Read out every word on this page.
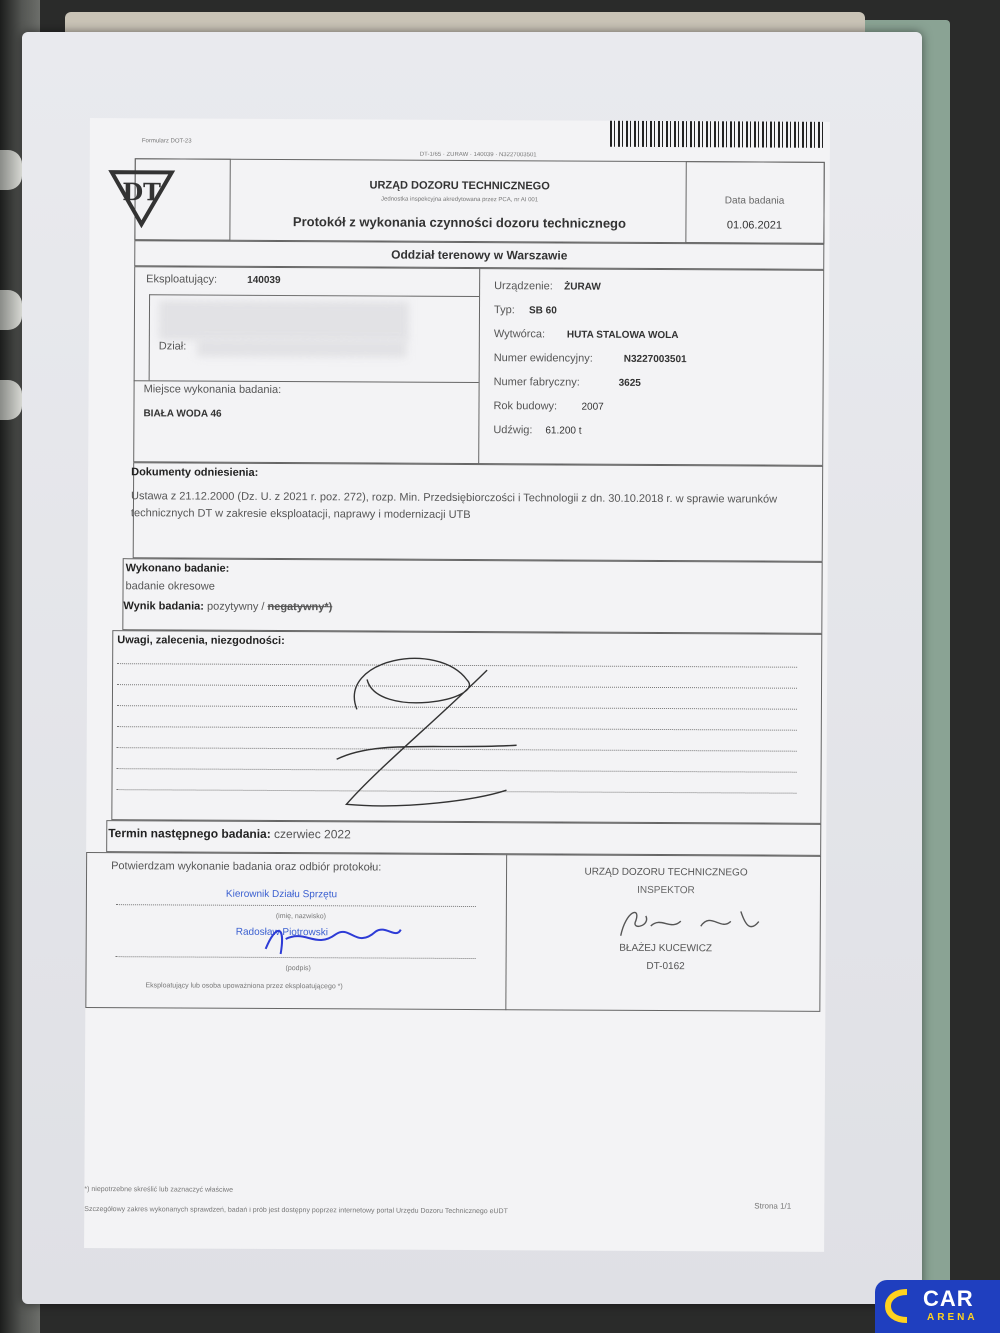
Formularz DOT-23
DT-1/65 · ŻURAW · 140039 · N3227003501
DT	URZĄD DOZORU TECHNICZNEGO
Jednostka inspekcyjna akredytowana przez PCA, nr AI 001
Protokół z wykonania czynności dozoru technicznego
Data badania
01.06.2021
Oddział terenowy w Warszawie
Eksploatujący:	140039
Dział:
Miejsce wykonania badania:
BIAŁA WODA 46
Urządzenie: ŻURAW
Typ: SB 60
Wytwórca: HUTA STALOWA WOLA
Numer ewidencyjny:	N3227003501
Numer fabryczny:	3625
Rok budowy: 2007
Udźwig: 61.200 t
Dokumenty odniesienia:
Ustawa z 21.12.2000 (Dz. U. z 2021 r. poz. 272), rozp. Min. Przedsiębiorczości i Technologii z dn. 30.10.2018 r. w sprawie warunków technicznych DT w zakresie eksploatacji, naprawy i modernizacji UTB
Wykonano badanie:
badanie okresowe
Wynik badania: pozytywny / negatywny*)
Uwagi, zalecenia, niezgodności:
Termin następnego badania: czerwiec 2022
Potwierdzam wykonanie badania oraz odbiór protokołu:
Kierownik Działu Sprzętu
(imię, nazwisko)
Radosław Piotrowski
(podpis)
Eksploatujący lub osoba upoważniona przez eksploatującego *)
URZĄD DOZORU TECHNICZNEGO
INSPEKTOR
BŁAŻEJ KUCEWICZ
DT-0162
*) niepotrzebne skreślić lub zaznaczyć właściwe
Szczegółowy zakres wykonanych sprawdzeń, badań i prób jest dostępny poprzez internetowy portal Urzędu Dozoru Technicznego eUDT	Strona 1/1
CAR
ARENA
